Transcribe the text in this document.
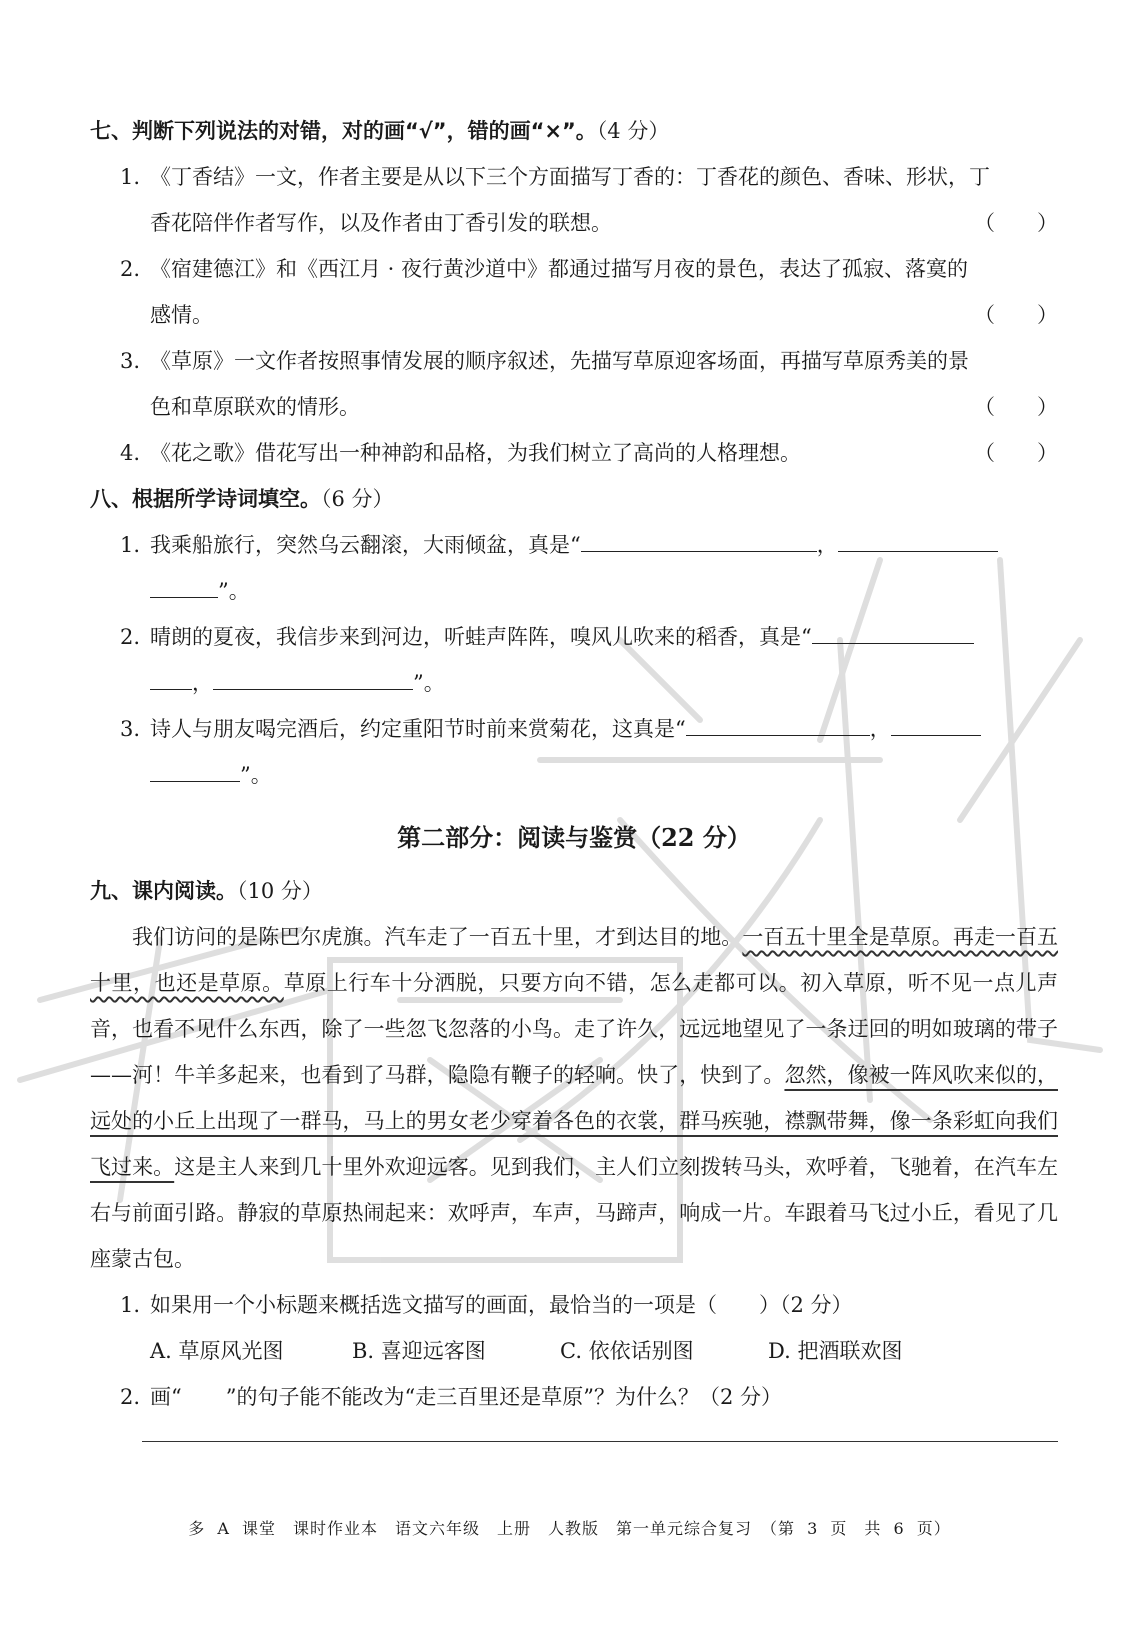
七、判断下列说法的对错，对的画“√”，错的画“×”。（4 分）
1. 《丁香结》一文，作者主要是从以下三个方面描写丁香的：丁香花的颜色、香味、形状，丁
香花陪伴作者写作，以及作者由丁香引发的联想。	（　　）
2. 《宿建德江》和《西江月 · 夜行黄沙道中》都通过描写月夜的景色，表达了孤寂、落寞的
感情。	（　　）
3. 《草原》一文作者按照事情发展的顺序叙述，先描写草原迎客场面，再描写草原秀美的景
色和草原联欢的情形。	（　　）
4. 《花之歌》借花写出一种神韵和品格，为我们树立了高尚的人格理想。	（　　）
八、根据所学诗词填空。（6 分）
1. 我乘船旅行，突然乌云翻滚，大雨倾盆，真是“	，
”。
2. 晴朗的夏夜，我信步来到河边，听蛙声阵阵，嗅风儿吹来的稻香，真是“
，	”。
3. 诗人与朋友喝完酒后，约定重阳节时前来赏菊花，这真是“	，
”。
第二部分：阅读与鉴赏（22 分）
九、课内阅读。（10 分）

我们访问的是陈巴尔虎旗。汽车走了一百五十里，才到达目的地。一百五十里全是草原。再走一百五十里，也还是草原。草原上行车十分洒脱，只要方向不错，怎么走都可以。初入草原，听不见一点儿声音，也看不见什么东西，除了一些忽飞忽落的小鸟。走了许久，远远地望见了一条迂回的明如玻璃的带子——河！牛羊多起来，也看到了马群，隐隐有鞭子的轻响。快了，快到了。忽然，像被一阵风吹来似的，远处的小丘上出现了一群马，马上的男女老少穿着各色的衣裳，群马疾驰，襟飘带舞，像一条彩虹向我们飞过来。这是主人来到几十里外欢迎远客。见到我们，主人们立刻拨转马头，欢呼着，飞驰着，在汽车左右与前面引路。静寂的草原热闹起来：欢呼声，车声，马蹄声，响成一片。车跟着马飞过小丘，看见了几座蒙古包。

1. 如果用一个小标题来概括选文描写的画面，最恰当的一项是（　　）（2 分）
A. 草原风光图	B. 喜迎远客图	C. 依依话别图	D. 把酒联欢图
2. 画“ ”的句子能不能改为“走三百里还是草原”？为什么？（2 分）
多 A 课堂　课时作业本　语文六年级　上册　人教版　第一单元综合复习　（第 3 页　共 6 页）
